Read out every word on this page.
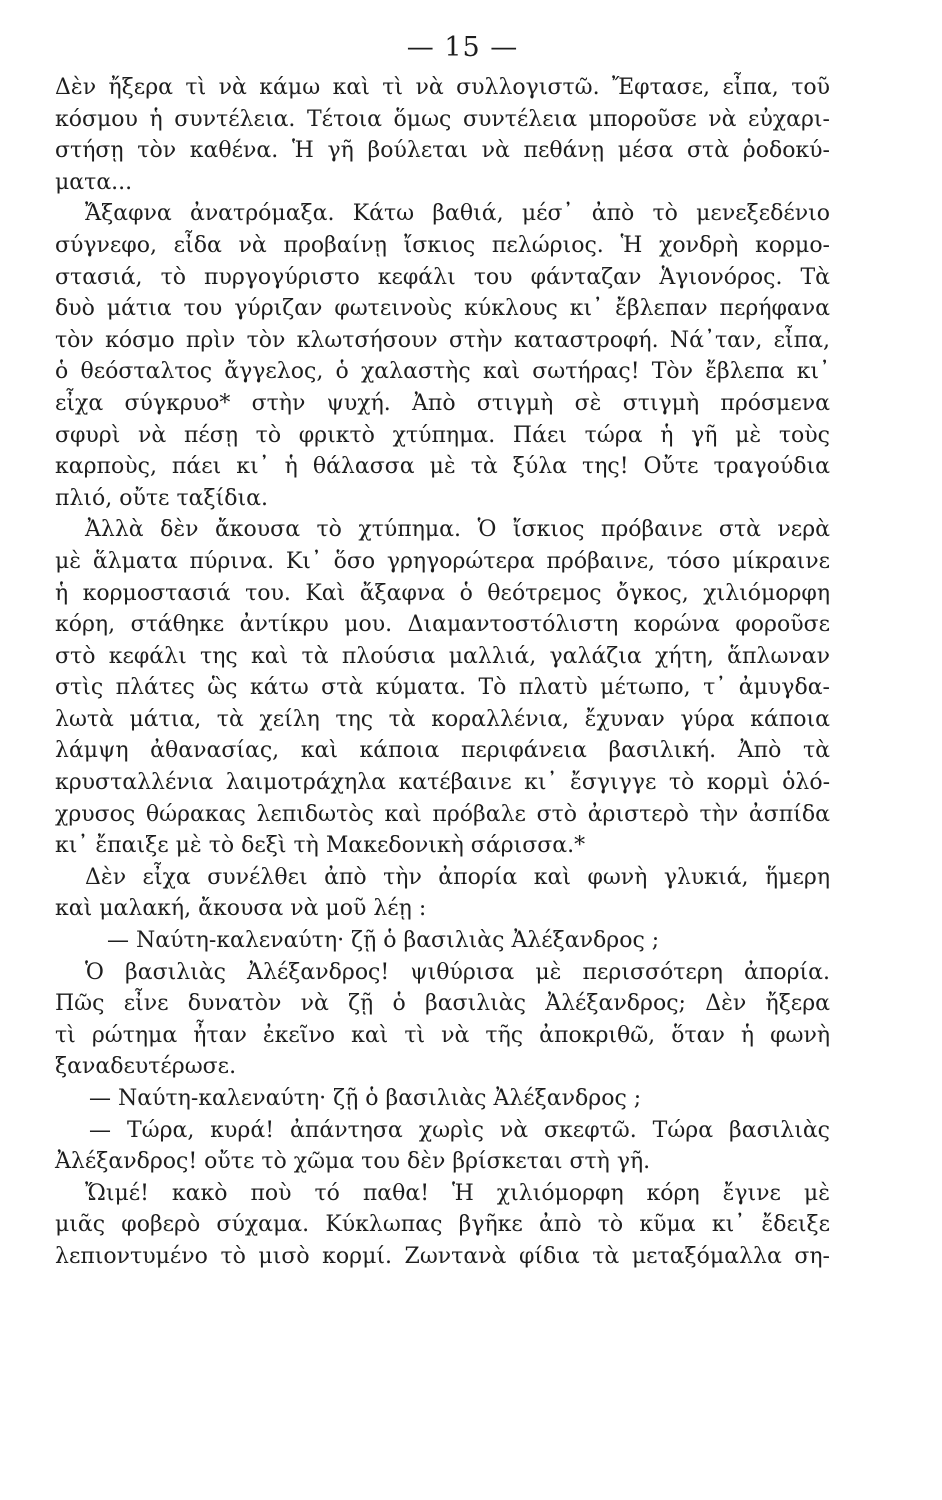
— 15 —

Δὲν ἤξερα τὶ νὰ κάμω καὶ τὶ νὰ συλλογιστῶ. Ἔφτασε, εἶπα, τοῦ
κόσμου ἡ συντέλεια. Τέτοια ὅμως συντέλεια μποροῦσε νὰ εὐχαρι-
στήσῃ τὸν καθένα. Ἡ γῆ βούλεται νὰ πεθάνῃ μέσα στὰ ῥοδοκύ-
ματα...

Ἄξαφνα ἀνατρόμαξα. Κάτω βαθιά, μέσ᾽ ἀπὸ τὸ μενεξεδένιο
σύγνεφο, εἶδα νὰ προβαίνῃ ἴσκιος πελώριος. Ἡ χονδρὴ κορμο-
στασιά, τὸ πυργογύριστο κεφάλι του φάνταζαν Ἁγιονόρος. Τὰ
δυὸ μάτια του γύριζαν φωτεινοὺς κύκλους κι᾽ ἔβλεπαν περήφανα
τὸν κόσμο πρὶν τὸν κλωτσήσουν στὴν καταστροφή. Νά᾽ταν, εἶπα,
ὁ θεόσταλτος ἄγγελος, ὁ χαλαστὴς καὶ σωτήρας! Τὸν ἔβλεπα κι᾽
εἶχα σύγκρυο* στὴν ψυχή. Ἀπὸ στιγμὴ σὲ στιγμὴ πρόσμενα
σφυρὶ νὰ πέσῃ τὸ φρικτὸ χτύπημα. Πάει τώρα ἡ γῆ μὲ τοὺς
καρποὺς, πάει κι᾽ ἡ θάλασσα μὲ τὰ ξύλα της! Οὔτε τραγούδια
πλιό, οὔτε ταξίδια.

Ἀλλὰ δὲν ἄκουσα τὸ χτύπημα. Ὁ ἴσκιος πρόβαινε στὰ νερὰ
μὲ ἅλματα πύρινα. Κι᾽ ὅσο γρηγορώτερα πρόβαινε, τόσο μίκραινε
ἡ κορμοστασιά του. Καὶ ἄξαφνα ὁ θεότρεμος ὄγκος, χιλιόμορφη
κόρη, στάθηκε ἀντίκρυ μου. Διαμαντοστόλιστη κορώνα φοροῦσε
στὸ κεφάλι της καὶ τὰ πλούσια μαλλιά, γαλάζια χήτη, ἅπλωναν
στὶς πλάτες ὣς κάτω στὰ κύματα. Τὸ πλατὺ μέτωπο, τ᾽ ἀμυγδα-
λωτὰ μάτια, τὰ χείλη της τὰ κοραλλένια, ἔχυναν γύρα κάποια
λάμψη ἀθανασίας, καὶ κάποια περιφάνεια βασιλική. Ἀπὸ τὰ
κρυσταλλένια λαιμοτράχηλα κατέβαινε κι᾽ ἔσγιγγε τὸ κορμὶ ὁλό-
χρυσος θώρακας λεπιδωτὸς καὶ πρόβαλε στὸ ἀριστερὸ τὴν ἀσπίδα
κι᾽ ἔπαιξε μὲ τὸ δεξὶ τὴ Μακεδονικὴ σάρισσα.*

Δὲν εἶχα συνέλθει ἀπὸ τὴν ἀπορία καὶ φωνὴ γλυκιά, ἥμερη
καὶ μαλακή, ἄκουσα νὰ μοῦ λέῃ :

— Ναύτη-καλεναύτη· ζῇ ὁ βασιλιὰς Ἀλέξανδρος ;

Ὁ βασιλιὰς Ἀλέξανδρος! ψιθύρισα μὲ περισσότερη ἀπορία.
Πῶς εἶνε δυνατὸν νὰ ζῇ ὁ βασιλιὰς Ἀλέξανδρος; Δὲν ἤξερα
τὶ ρώτημα ἦταν ἐκεῖνο καὶ τὶ νὰ τῆς ἀποκριθῶ, ὅταν ἡ φωνὴ
ξαναδευτέρωσε.

— Ναύτη-καλεναύτη· ζῇ ὁ βασιλιὰς Ἀλέξανδρος ;

— Τώρα, κυρά! ἀπάντησα χωρὶς νὰ σκεφτῶ. Τώρα βασιλιὰς
Ἀλέξανδρος! οὔτε τὸ χῶμα του δὲν βρίσκεται στὴ γῆ.

Ὤιμέ! κακὸ ποὺ τό παθα! Ἡ χιλιόμορφη κόρη ἔγινε μὲ
μιᾶς φοβερὸ σύχαμα. Κύκλωπας βγῆκε ἀπὸ τὸ κῦμα κι᾽ ἔδειξε
λεπιοντυμένο τὸ μισὸ κορμί. Ζωντανὰ φίδια τὰ μεταξόμαλλα ση-
